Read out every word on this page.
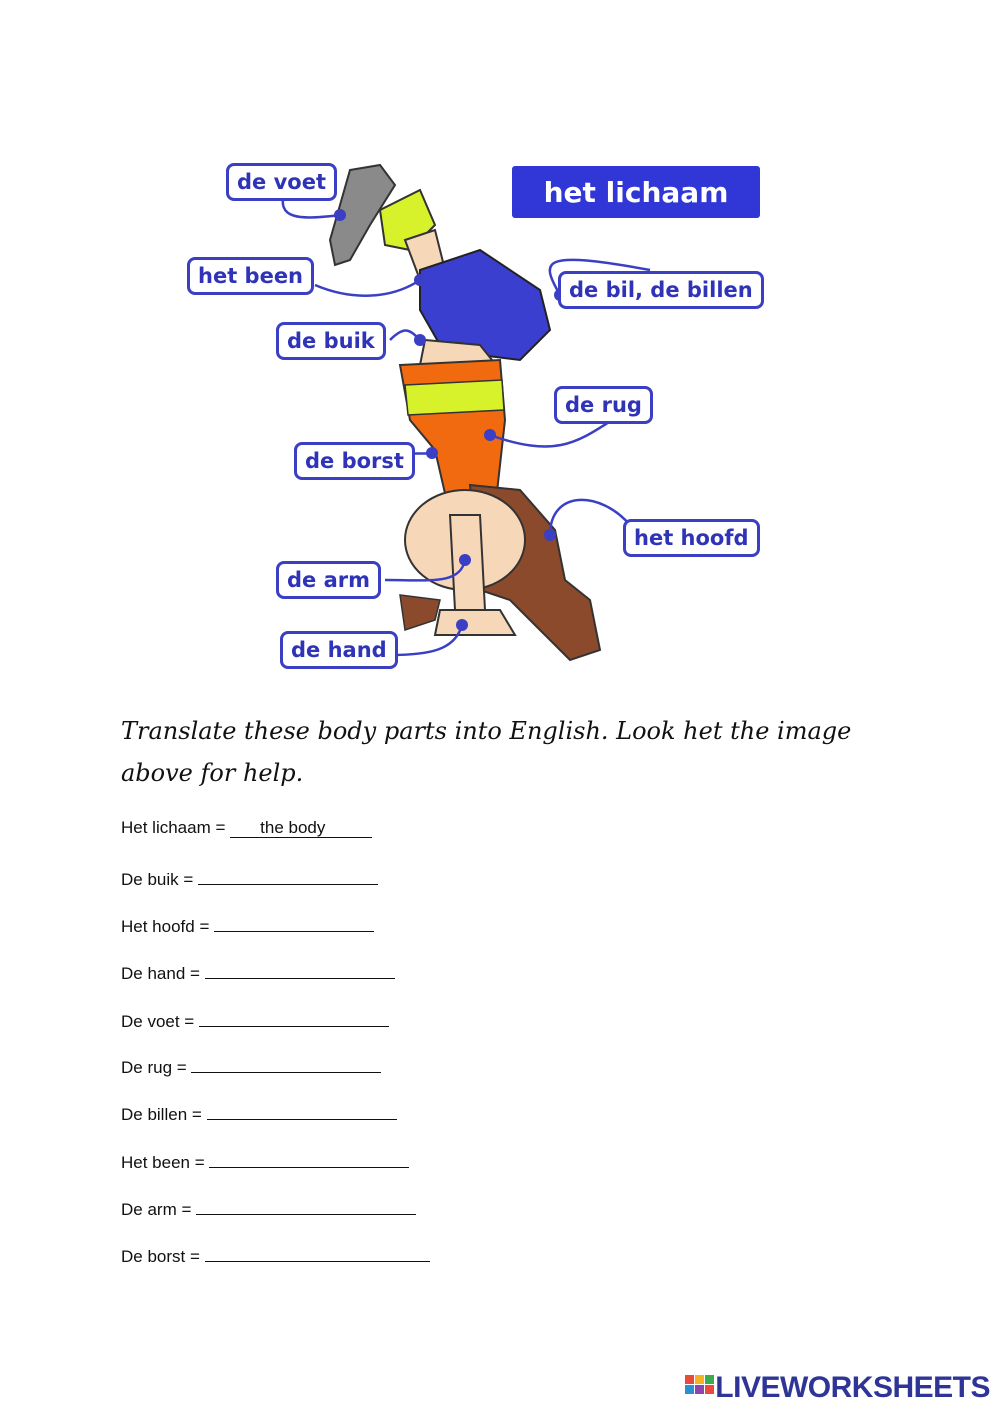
het lichaam
de voet
het been
de buik
de borst
de arm
de hand
de bil, de billen
de rug
het hoofd
Translate these body parts into English. Look het the image above for help.
Het lichaam = the body
De buik =
Het hoofd =
De hand =
De voet =
De rug =
De billen =
Het been =
De arm =
De borst =
LIVEWORKSHEETS
